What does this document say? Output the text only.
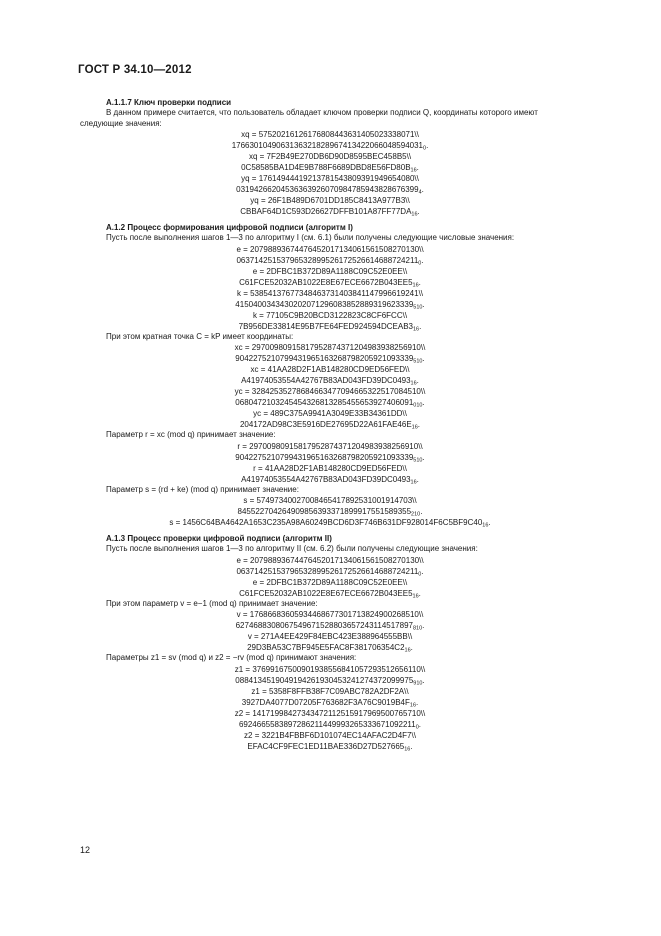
ГОСТ Р 34.10—2012
A.1.1.7 Ключ проверки подписи
В данном примере считается, что пользователь обладает ключом проверки подписи Q, координаты которого имеют следующие значения:
xq = 57520216126176808443631405023338071\\
$1766301049063136321828967413422066048594031_0$.
xq = 7F2B49E270DB6D90D8595BEC458B5\\
$0C58585BA1D4E9B788F6689DBD8E56FD80B_{16}$.
yq = 17614944419213781543809391949654080\\
$03194266204536363926070984785943828676399_4$.
yq = 26F1B489D6701DD185C8413A977B3\\
$CBBAF64D1C593D26627DFFB101A87FF77DA_{16}$.
A.1.2 Процесс формирования цифровой подписи (алгоритм I)
Пусть после выполнения шагов 1—3 по алгоритму I (см. 6.1) были получены следующие числовые значения:
e = 20798893674476452017134061561508270130\\
$06371425153796532899526172526614688724211_0$.
e = 2DFBC1B372D89A1188C09C52E0EE\\
$C61FCE52032AB1022E8E67ECE6672B043EE5_{16}$.
k = 53854137677348463731403841147996619241\\
$4150400343430202071296083852889319623339_{510}$.
k = 77105C9B20BCD3122823C8CF6FCC\\
$7B956DE33814E95B7FE64FED924594DCEAB3_{16}$.
При этом кратная точка C = kP имеет координаты:
xc = 29700980915817952874371204983938256910\\
$9042275210799431965163268798205921093339_{510}$.
xc = 41AA28D2F1AB148280CD9ED56FED\\
$A41974053554A42767B83AD043FD39DC0493_{16}$.
yc = 32842535278684663477094665322517084510\\
$0680472103245454326813285455653927406091_{010}$.
yc = 489C375A9941A3049E33B34361DD\\
$204172AD98C3E5916DE27695D22A61FAE46E_{16}$.
Параметр r = xc (mod q) принимает значение:
r = 29700980915817952874371204983938256910\\
$9042275210799431965163268798205921093339_{510}$.
r = 41AA28D2F1AB148280CD9ED56FED\\
$A41974053554A42767B83AD043FD39DC0493_{16}$.
Параметр s = (rd + ke) (mod q) принимает значение:
s = 57497340027008465417892531001914703\\
$845522704264909856393371899917551589355_{210}$.
$s = 1456C64BA4642A1653C235A98A60249BCD6D3F746B631DF928014F6C5BF9C40_{16}$.
A.1.3 Процесс проверки цифровой подписи (алгоритм II)
Пусть после выполнения шагов 1—3 по алгоритму II (см. 6.2) были получены следующие значения:
e = 20798893674476452017134061561508270130\\
$06371425153796532899526172526614688724211_0$.
e = 2DFBC1B372D89A1188C09C52E0EE\\
$C61FCE52032AB1022E8E67ECE6672B043EE5_{16}$.
При этом параметр v = e−1 (mod q) принимает значение:
v = 17686683605934468677301713824900268510\\
$6274688308067549671528803657243114517897_{810}$.
v = 271A4EE429F84EBC423E388964555BB\\
$29D3BA53C7BF945E5FAC8F381706354C2_{16}$.
Параметры z1 = sv (mod q) и z2 = −rv (mod q) принимают значения:
z1 = 37699167500901938556841057293512656110\\
$0884134519049194261930453241274372099975_{910}$.
z1 = 5358F8FFB38F7C09ABC782A2DF2A\\
$3927DA4077D07205F763682F3A76C9019B4F_{16}$.
z2 = 14171998427343472112515917969500765710\\
$6924665583897286211449993265333671092211_0$.
z2 = 3221B4FBBF6D101074EC14AFAC2D4F7\\
$EFAC4CF9FEC1ED11BAE336D27D527665_{16}$.
12
